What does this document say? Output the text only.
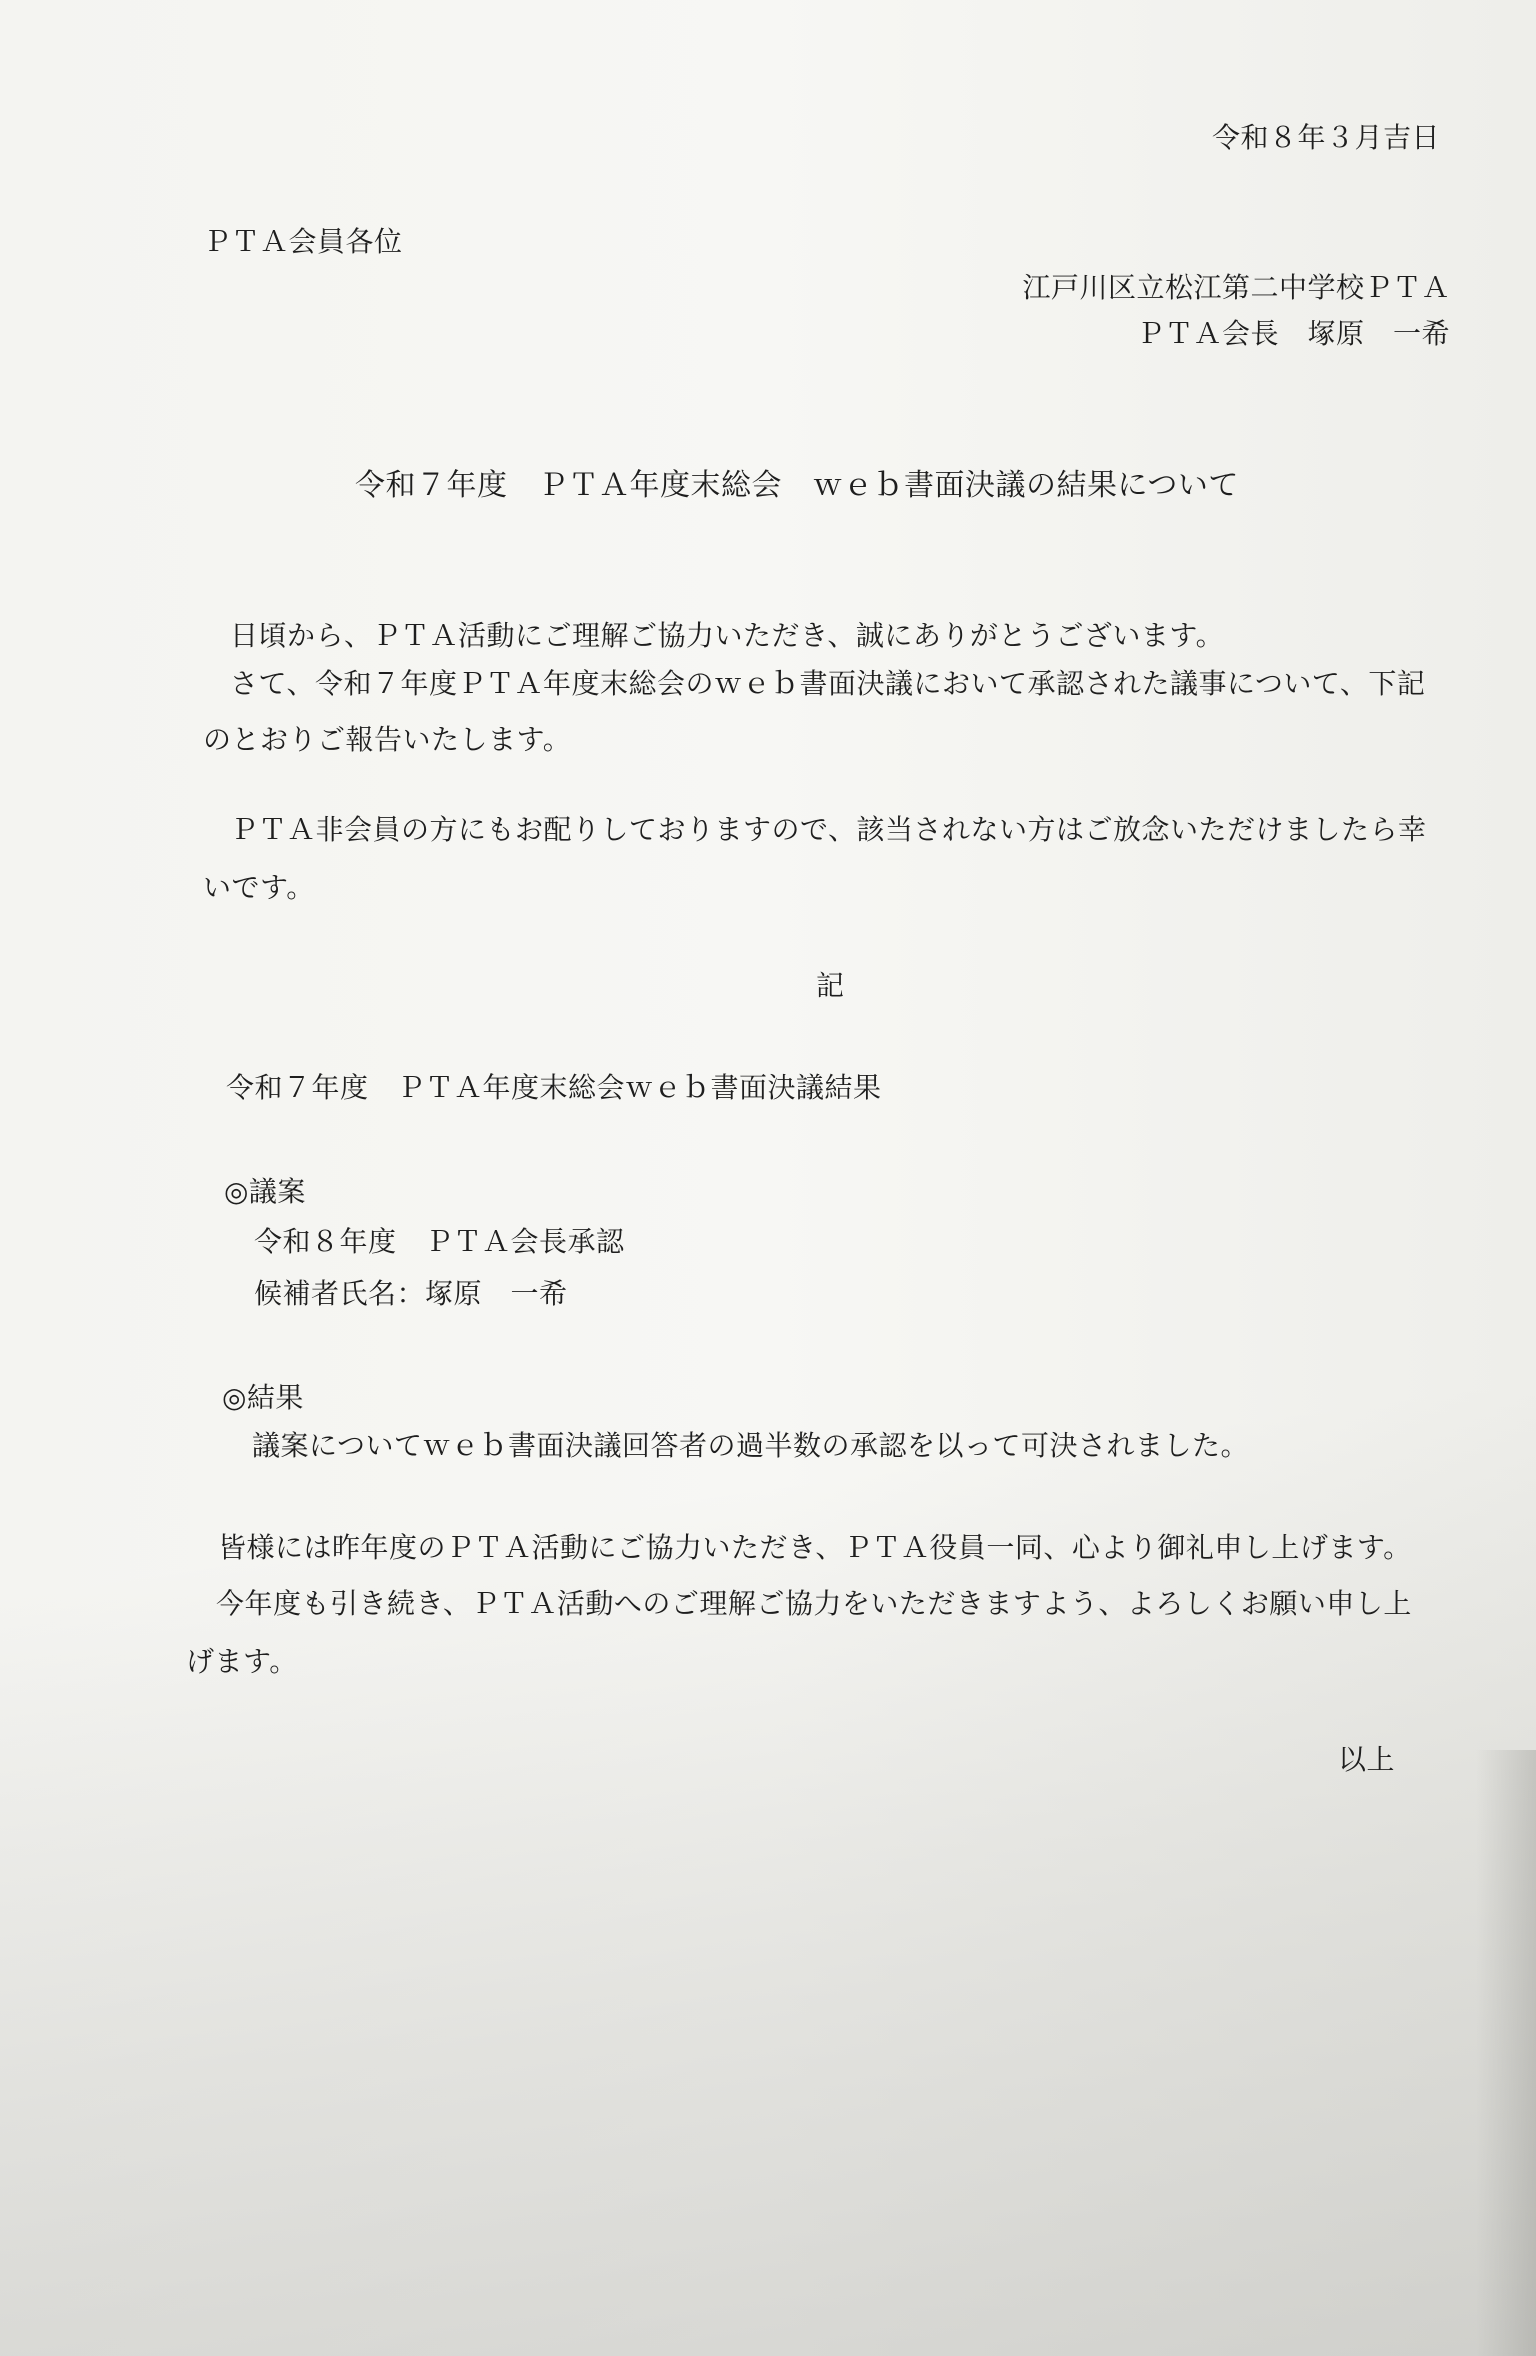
令和８年３月吉日
ＰＴＡ会員各位
江戸川区立松江第二中学校ＰＴＡ
ＰＴＡ会長　塚原　一希
令和７年度　ＰＴＡ年度末総会　ｗｅｂ書面決議の結果について
日頃から、ＰＴＡ活動にご理解ご協力いただき、誠にありがとうございます。
さて、令和７年度ＰＴＡ年度末総会のｗｅｂ書面決議において承認された議事について、下記
のとおりご報告いたします。
ＰＴＡ非会員の方にもお配りしておりますので、該当されない方はご放念いただけましたら幸
いです。
記
令和７年度　ＰＴＡ年度末総会ｗｅｂ書面決議結果
◎議案
令和８年度　ＰＴＡ会長承認
候補者氏名：塚原　一希
◎結果
議案についてｗｅｂ書面決議回答者の過半数の承認を以って可決されました。
皆様には昨年度のＰＴＡ活動にご協力いただき、ＰＴＡ役員一同、心より御礼申し上げます。
今年度も引き続き、ＰＴＡ活動へのご理解ご協力をいただきますよう、よろしくお願い申し上
げます。
以上
